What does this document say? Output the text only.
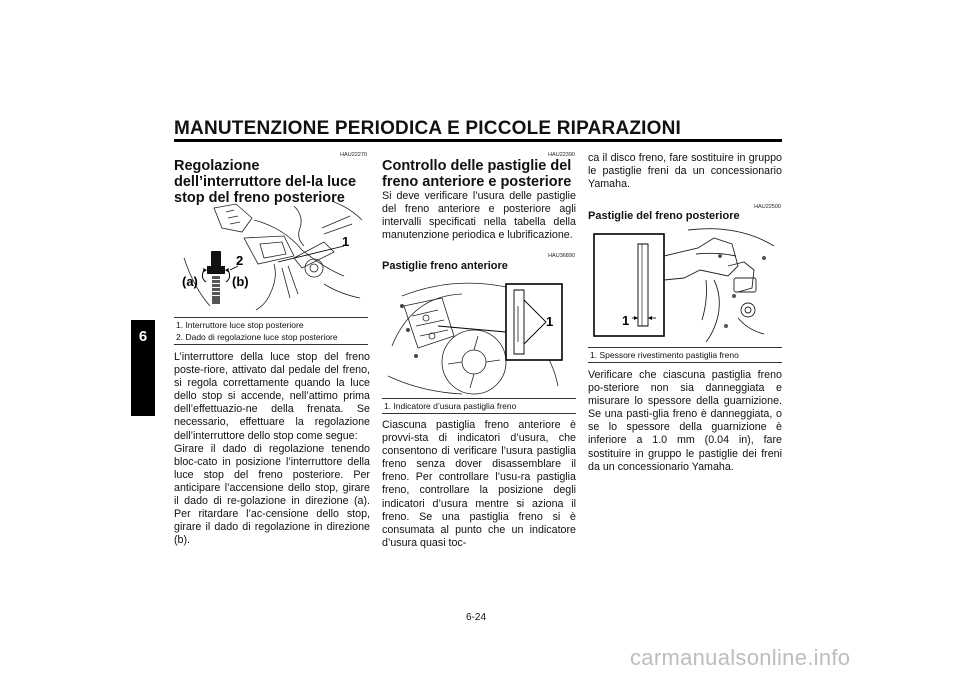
MANUTENZIONE PERIODICA E PICCOLE RIPARAZIONI
6
HAU22270
Regolazione dell’interruttore del-la luce stop del freno posteriore
1
2
(a)	(b)
1. Interruttore luce stop posteriore
2. Dado di regolazione luce stop posteriore

L’interruttore della luce stop del freno poste-riore, attivato dal pedale del freno, si regola correttamente quando la luce dello stop si accende, nell’attimo prima dell’effettuazio-ne della frenata. Se necessario, effettuare la regolazione dell’interruttore dello stop come segue:

Girare il dado di regolazione tenendo bloc-cato in posizione l’interruttore della luce stop del freno posteriore. Per anticipare l’accensione dello stop, girare il dado di re-golazione in direzione (a). Per ritardare l’ac-censione dello stop, girare il dado di regolazione in direzione (b).

HAU22390
Controllo delle pastiglie del freno anteriore e posteriore
Si deve verificare l’usura delle pastiglie del freno anteriore e posteriore agli intervalli specificati nella tabella della manutenzione periodica e lubrificazione.
HAU36890
Pastiglie freno anteriore
1
1. Indicatore d’usura pastiglia freno
Ciascuna pastiglia freno anteriore è provvi-sta di indicatori d’usura, che consentono di verificare l’usura pastiglia freno senza dover disassemblare il freno. Per controllare l’usu-ra pastiglia freno, controllare la posizione degli indicatori d’usura mentre si aziona il freno. Se una pastiglia freno si è consumata al punto che un indicatore d’usura quasi toc-
ca il disco freno, fare sostituire in gruppo le pastiglie freni da un concessionario Yamaha.
HAU22500
Pastiglie del freno posteriore
1
1. Spessore rivestimento pastiglia freno
Verificare che ciascuna pastiglia freno po-steriore non sia danneggiata e misurare lo spessore della guarnizione. Se una pasti-glia freno è danneggiata, o se lo spessore della guarnizione è inferiore a 1.0 mm (0.04 in), fare sostituire in gruppo le pastiglie dei freni da un concessionario Yamaha.
6-24
carmanualsonline.info
